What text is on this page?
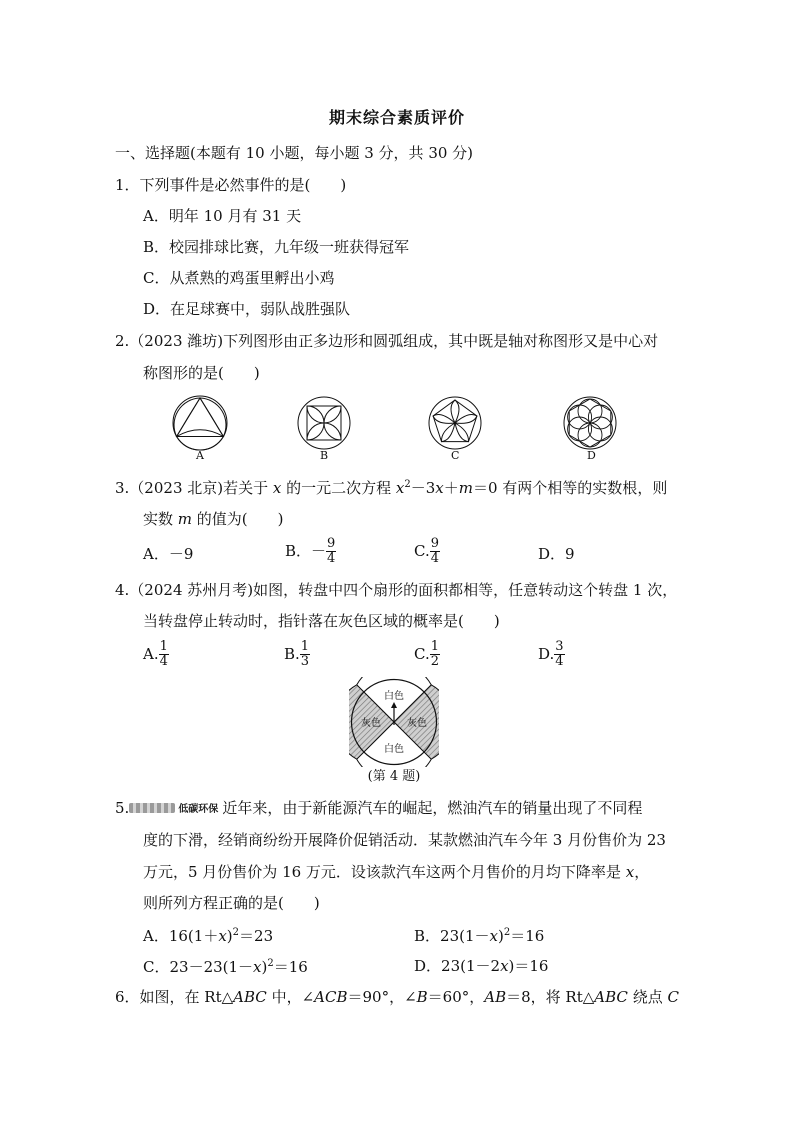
期末综合素质评价
一、选择题(本题有 10 小题，每小题 3 分，共 30 分)
1．下列事件是必然事件的是(　　)
A．明年 10 月有 31 天
B．校园排球比赛，九年级一班获得冠军
C．从煮熟的鸡蛋里孵出小鸡
D．在足球赛中，弱队战胜强队
2.（2023 潍坊)下列图形由正多边形和圆弧组成，其中既是轴对称图形又是中心对
称图形的是(　　)
A	B	C	D
3.（2023 北京)若关于 x 的一元二次方程 $x^2-3x+m=0$ 有两个相等的实数根，则
实数 m 的值为(　　)
A．－9	B．－ $\frac{9}{4}$	C. $\frac{9}{4}$	D．9
4.（2024 苏州月考)如图，转盘中四个扇形的面积都相等，任意转动这个转盘 1 次，
当转盘停止转动时，指针落在灰色区域的概率是(　　)
A. $\frac{1}{4}$	B. $\frac{1}{3}$	C. $\frac{1}{2}$	D. $\frac{3}{4}$
白色
白色
灰色	灰色
(第 4 题)
5.	低碳环保 近年来，由于新能源汽车的崛起，燃油汽车的销量出现了不同程
度的下滑，经销商纷纷开展降价促销活动．某款燃油汽车今年 3 月份售价为 23
万元，5 月份售价为 16 万元．设该款汽车这两个月售价的月均下降率是 x，
则所列方程正确的是(　　)
A．$16(1+x)^2=23$	B．$23(1-x)^2=16$
C．$23-23(1-x)^2=16$	D．23(1－2x)＝16
6．如图，在 Rt△ABC 中，∠ACB＝90°，∠B＝60°，AB＝8，将 Rt△ABC 绕点 C
